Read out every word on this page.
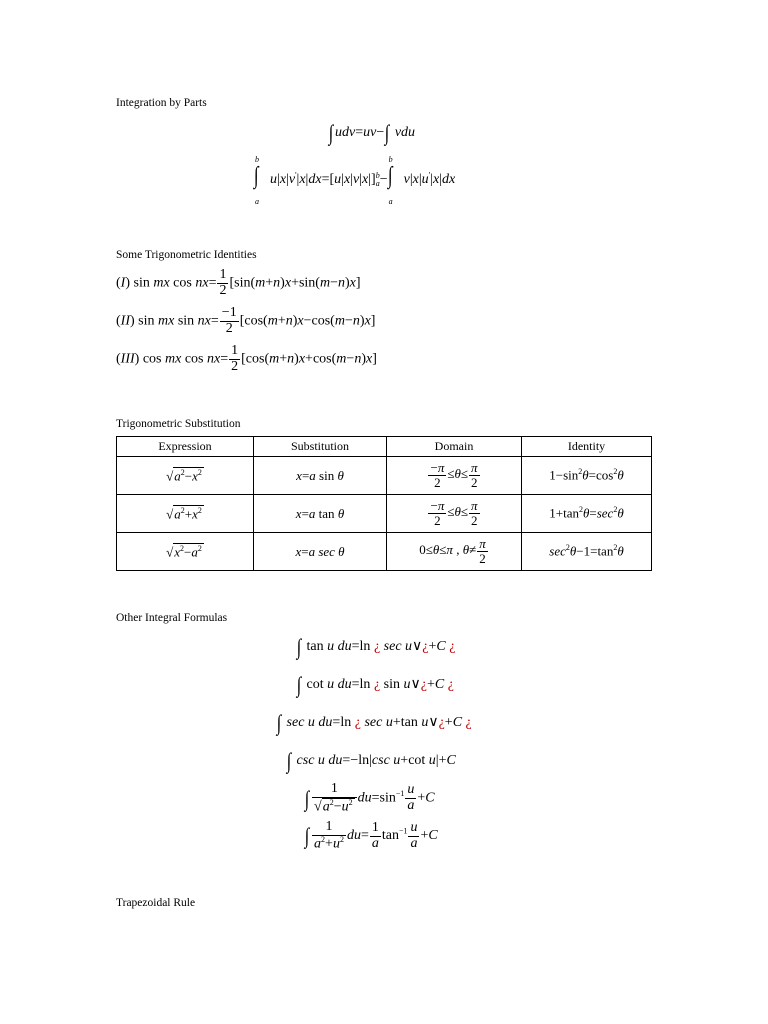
Integration by Parts
∫ udv=uv−∫ vdu
b
∫
a
u|x|v'|x|dx=[u|x|v|x|] b
a −
b
∫
a
v|x|u'|x|dx
Some Trigonometric Identities
(I) sin mx $\cos nx= \frac{1}{2} [\sin(m+n)x+\sin(m-n)x]$
(II) sin mx $\sin nx= \frac{-1}{2} [\cos(m+n)x-\cos(m-n)x]$
(III) cos mx $\cos nx= \frac{1}{2} [\cos(m+n)x+\cos(m-n)x]$
Trigonometric Substitution
Expression	Substitution	Domain	Identity
$√a^2-x^2$	x=a sin θ	$\frac{-\pi}{2} \le\theta\le \frac{\pi}{2}$	$1-\sin^2\theta=\cos^2\theta$
$√a^2+x^2$	x=a tan θ	$\frac{-\pi}{2} \le\theta\le \frac{\pi}{2}$	$1+\tan^2\theta=\sec^2\theta$
$√x^2-a^2$	x=a sec θ	0≤θ≤π , $\theta\ne \frac{\pi}{2}$	$\sec^2\theta-1=\tan^2\theta$
Other Integral Formulas
∫ tan u du=ln ¿ sec u∨¿+C ¿
∫ cot u du=ln ¿ sin u∨¿+C ¿
∫ sec u du=ln ¿ sec u+tan u∨¿+C ¿
∫ csc u du=−ln|csc u+cot u|+C
∫ $\frac{1}{√a^2-u^2} du=\sin^{-1} \frac{u}{a} +C$
∫ $\frac{1}{a^2+u^2} du= \frac{1}{a} \tan^{-1} \frac{u}{a} +C$
Trapezoidal Rule
